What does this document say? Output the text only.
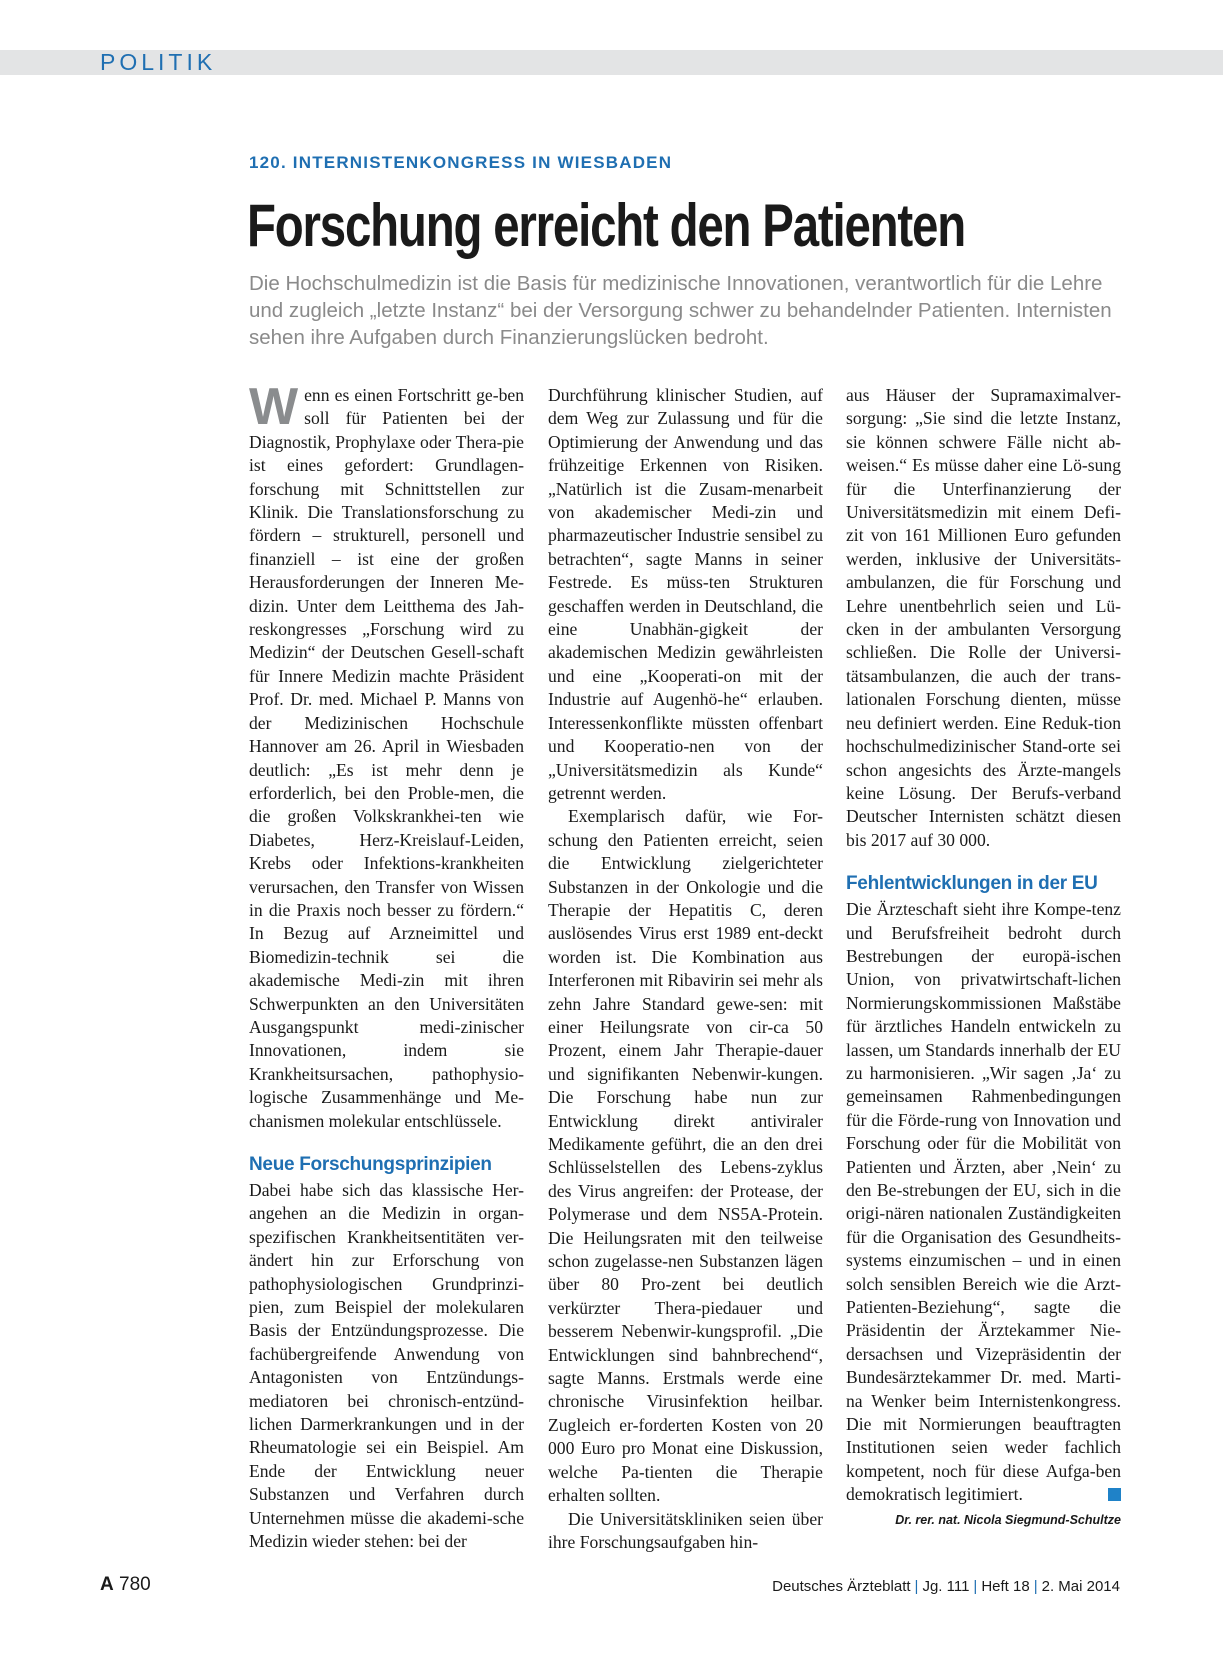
POLITIK
120. INTERNISTENKONGRESS IN WIESBADEN
Forschung erreicht den Patienten

Die Hochschulmedizin ist die Basis für medizinische Innovationen, verantwortlich für die Lehre und zugleich „letzte Instanz“ bei der Versorgung schwer zu behandelnder Patienten. Internisten sehen ihre Aufgaben durch Finanzierungslücken bedroht.

Wenn es einen Fortschritt ge-ben soll für Patienten bei der Diagnostik, Prophylaxe oder Thera-pie ist eines gefordert: Grundlagen-forschung mit Schnittstellen zur Klinik. Die Translationsforschung zu fördern – strukturell, personell und finanziell – ist eine der großen Herausforderungen der Inneren Me-dizin. Unter dem Leitthema des Jah-reskongresses „Forschung wird zu Medizin“ der Deutschen Gesell-schaft für Innere Medizin machte Präsident Prof. Dr. med. Michael P. Manns von der Medizinischen Hochschule Hannover am 26. April in Wiesbaden deutlich: „Es ist mehr denn je erforderlich, bei den Proble-men, die die großen Volkskrankhei-ten wie Diabetes, Herz-Kreislauf-Leiden, Krebs oder Infektions-krankheiten verursachen, den Transfer von Wissen in die Praxis noch besser zu fördern.“ In Bezug auf Arzneimittel und Biomedizin-technik sei die akademische Medi-zin mit ihren Schwerpunkten an den Universitäten Ausgangspunkt medi-zinischer Innovationen, indem sie Krankheitsursachen, pathophysio-logische Zusammenhänge und Me-chanismen molekular entschlüssele.

Neue Forschungsprinzipien

Dabei habe sich das klassische Her-angehen an die Medizin in organ-spezifischen Krankheitsentitäten ver-ändert hin zur Erforschung von pathophysiologischen Grundprinzi-pien, zum Beispiel der molekularen Basis der Entzündungsprozesse. Die fachübergreifende Anwendung von Antagonisten von Entzündungs-mediatoren bei chronisch-entzünd-lichen Darmerkrankungen und in der Rheumatologie sei ein Beispiel. Am Ende der Entwicklung neuer Substanzen und Verfahren durch Unternehmen müsse die akademi-sche Medizin wieder stehen: bei der

Durchführung klinischer Studien, auf dem Weg zur Zulassung und für die Optimierung der Anwendung und das frühzeitige Erkennen von Risiken. „Natürlich ist die Zusam-menarbeit von akademischer Medi-zin und pharmazeutischer Industrie sensibel zu betrachten“, sagte Manns in seiner Festrede. Es müss-ten Strukturen geschaffen werden in Deutschland, die eine Unabhän-gigkeit der akademischen Medizin gewährleisten und eine „Kooperati-on mit der Industrie auf Augenhö-he“ erlauben. Interessenkonflikte müssten offenbart und Kooperatio-nen von der „Universitätsmedizin als Kunde“ getrennt werden.

Exemplarisch dafür, wie For-schung den Patienten erreicht, seien die Entwicklung zielgerichteter Substanzen in der Onkologie und die Therapie der Hepatitis C, deren auslösendes Virus erst 1989 ent-deckt worden ist. Die Kombination aus Interferonen mit Ribavirin sei mehr als zehn Jahre Standard gewe-sen: mit einer Heilungsrate von cir-ca 50 Prozent, einem Jahr Therapie-dauer und signifikanten Nebenwir-kungen. Die Forschung habe nun zur Entwicklung direkt antiviraler Medikamente geführt, die an den drei Schlüsselstellen des Lebens-zyklus des Virus angreifen: der Protease, der Polymerase und dem NS5A-Protein. Die Heilungsraten mit den teilweise schon zugelasse-nen Substanzen lägen über 80 Pro-zent bei deutlich verkürzter Thera-piedauer und besserem Nebenwir-kungsprofil. „Die Entwicklungen sind bahnbrechend“, sagte Manns. Erstmals werde eine chronische Virusinfektion heilbar. Zugleich er-forderten Kosten von 20 000 Euro pro Monat eine Diskussion, welche Pa-tienten die Therapie erhalten sollten.

Die Universitätskliniken seien über ihre Forschungsaufgaben hin-

aus Häuser der Supramaximalver-sorgung: „Sie sind die letzte Instanz, sie können schwere Fälle nicht ab-weisen.“ Es müsse daher eine Lö-sung für die Unterfinanzierung der Universitätsmedizin mit einem Defi-zit von 161 Millionen Euro gefunden werden, inklusive der Universitäts-ambulanzen, die für Forschung und Lehre unentbehrlich seien und Lü-cken in der ambulanten Versorgung schließen. Die Rolle der Universi-tätsambulanzen, die auch der trans-lationalen Forschung dienten, müsse neu definiert werden. Eine Reduk-tion hochschulmedizinischer Stand-orte sei schon angesichts des Ärzte-mangels keine Lösung. Der Berufs-verband Deutscher Internisten schätzt diesen bis 2017 auf 30 000.

Fehlentwicklungen in der EU

Die Ärzteschaft sieht ihre Kompe-tenz und Berufsfreiheit bedroht durch Bestrebungen der europä-ischen Union, von privatwirtschaft-lichen Normierungskommissionen Maßstäbe für ärztliches Handeln entwickeln zu lassen, um Standards innerhalb der EU zu harmonisieren. „Wir sagen ‚Ja‘ zu gemeinsamen Rahmenbedingungen für die Förde-rung von Innovation und Forschung oder für die Mobilität von Patienten und Ärzten, aber ‚Nein‘ zu den Be-strebungen der EU, sich in die origi-nären nationalen Zuständigkeiten für die Organisation des Gesundheits-systems einzumischen – und in einen solch sensiblen Bereich wie die Arzt-Patienten-Beziehung“, sagte die Präsidentin der Ärztekammer Nie-dersachsen und Vizepräsidentin der Bundesärztekammer Dr. med. Marti-na Wenker beim Internistenkongress. Die mit Normierungen beauftragten Institutionen seien weder fachlich kompetent, noch für diese Aufga-ben demokratisch legitimiert.

Dr. rer. nat. Nicola Siegmund-Schultze
A 780	Deutsches Ärzteblatt | Jg. 111 | Heft 18 | 2. Mai 2014
